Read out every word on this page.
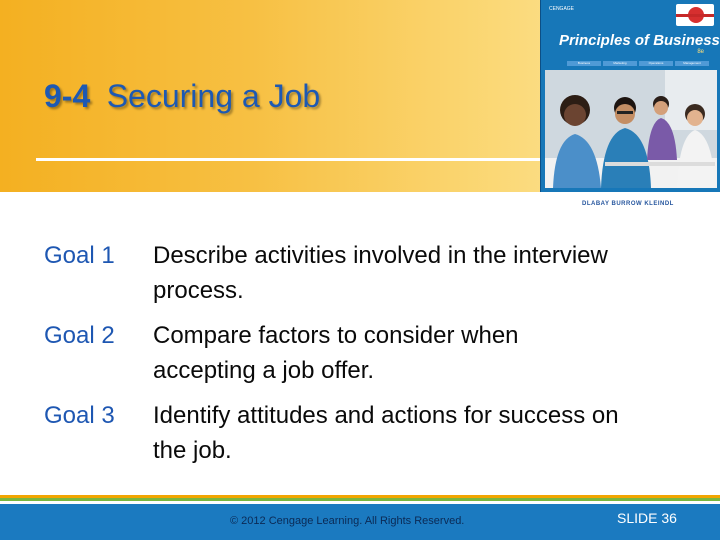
9-4 Securing a Job
CENGAGE
Principles of Business
8e
Business	Marketing	Operations	Management
DLABAY BURROW KLEINDL
Goal 1 Describe activities involved in the interview process.
Goal 2 Compare factors to consider when accepting a job offer.
Goal 3 Identify attitudes and actions for success on the job.
© 2012 Cengage Learning. All Rights Reserved.	SLIDE 36
